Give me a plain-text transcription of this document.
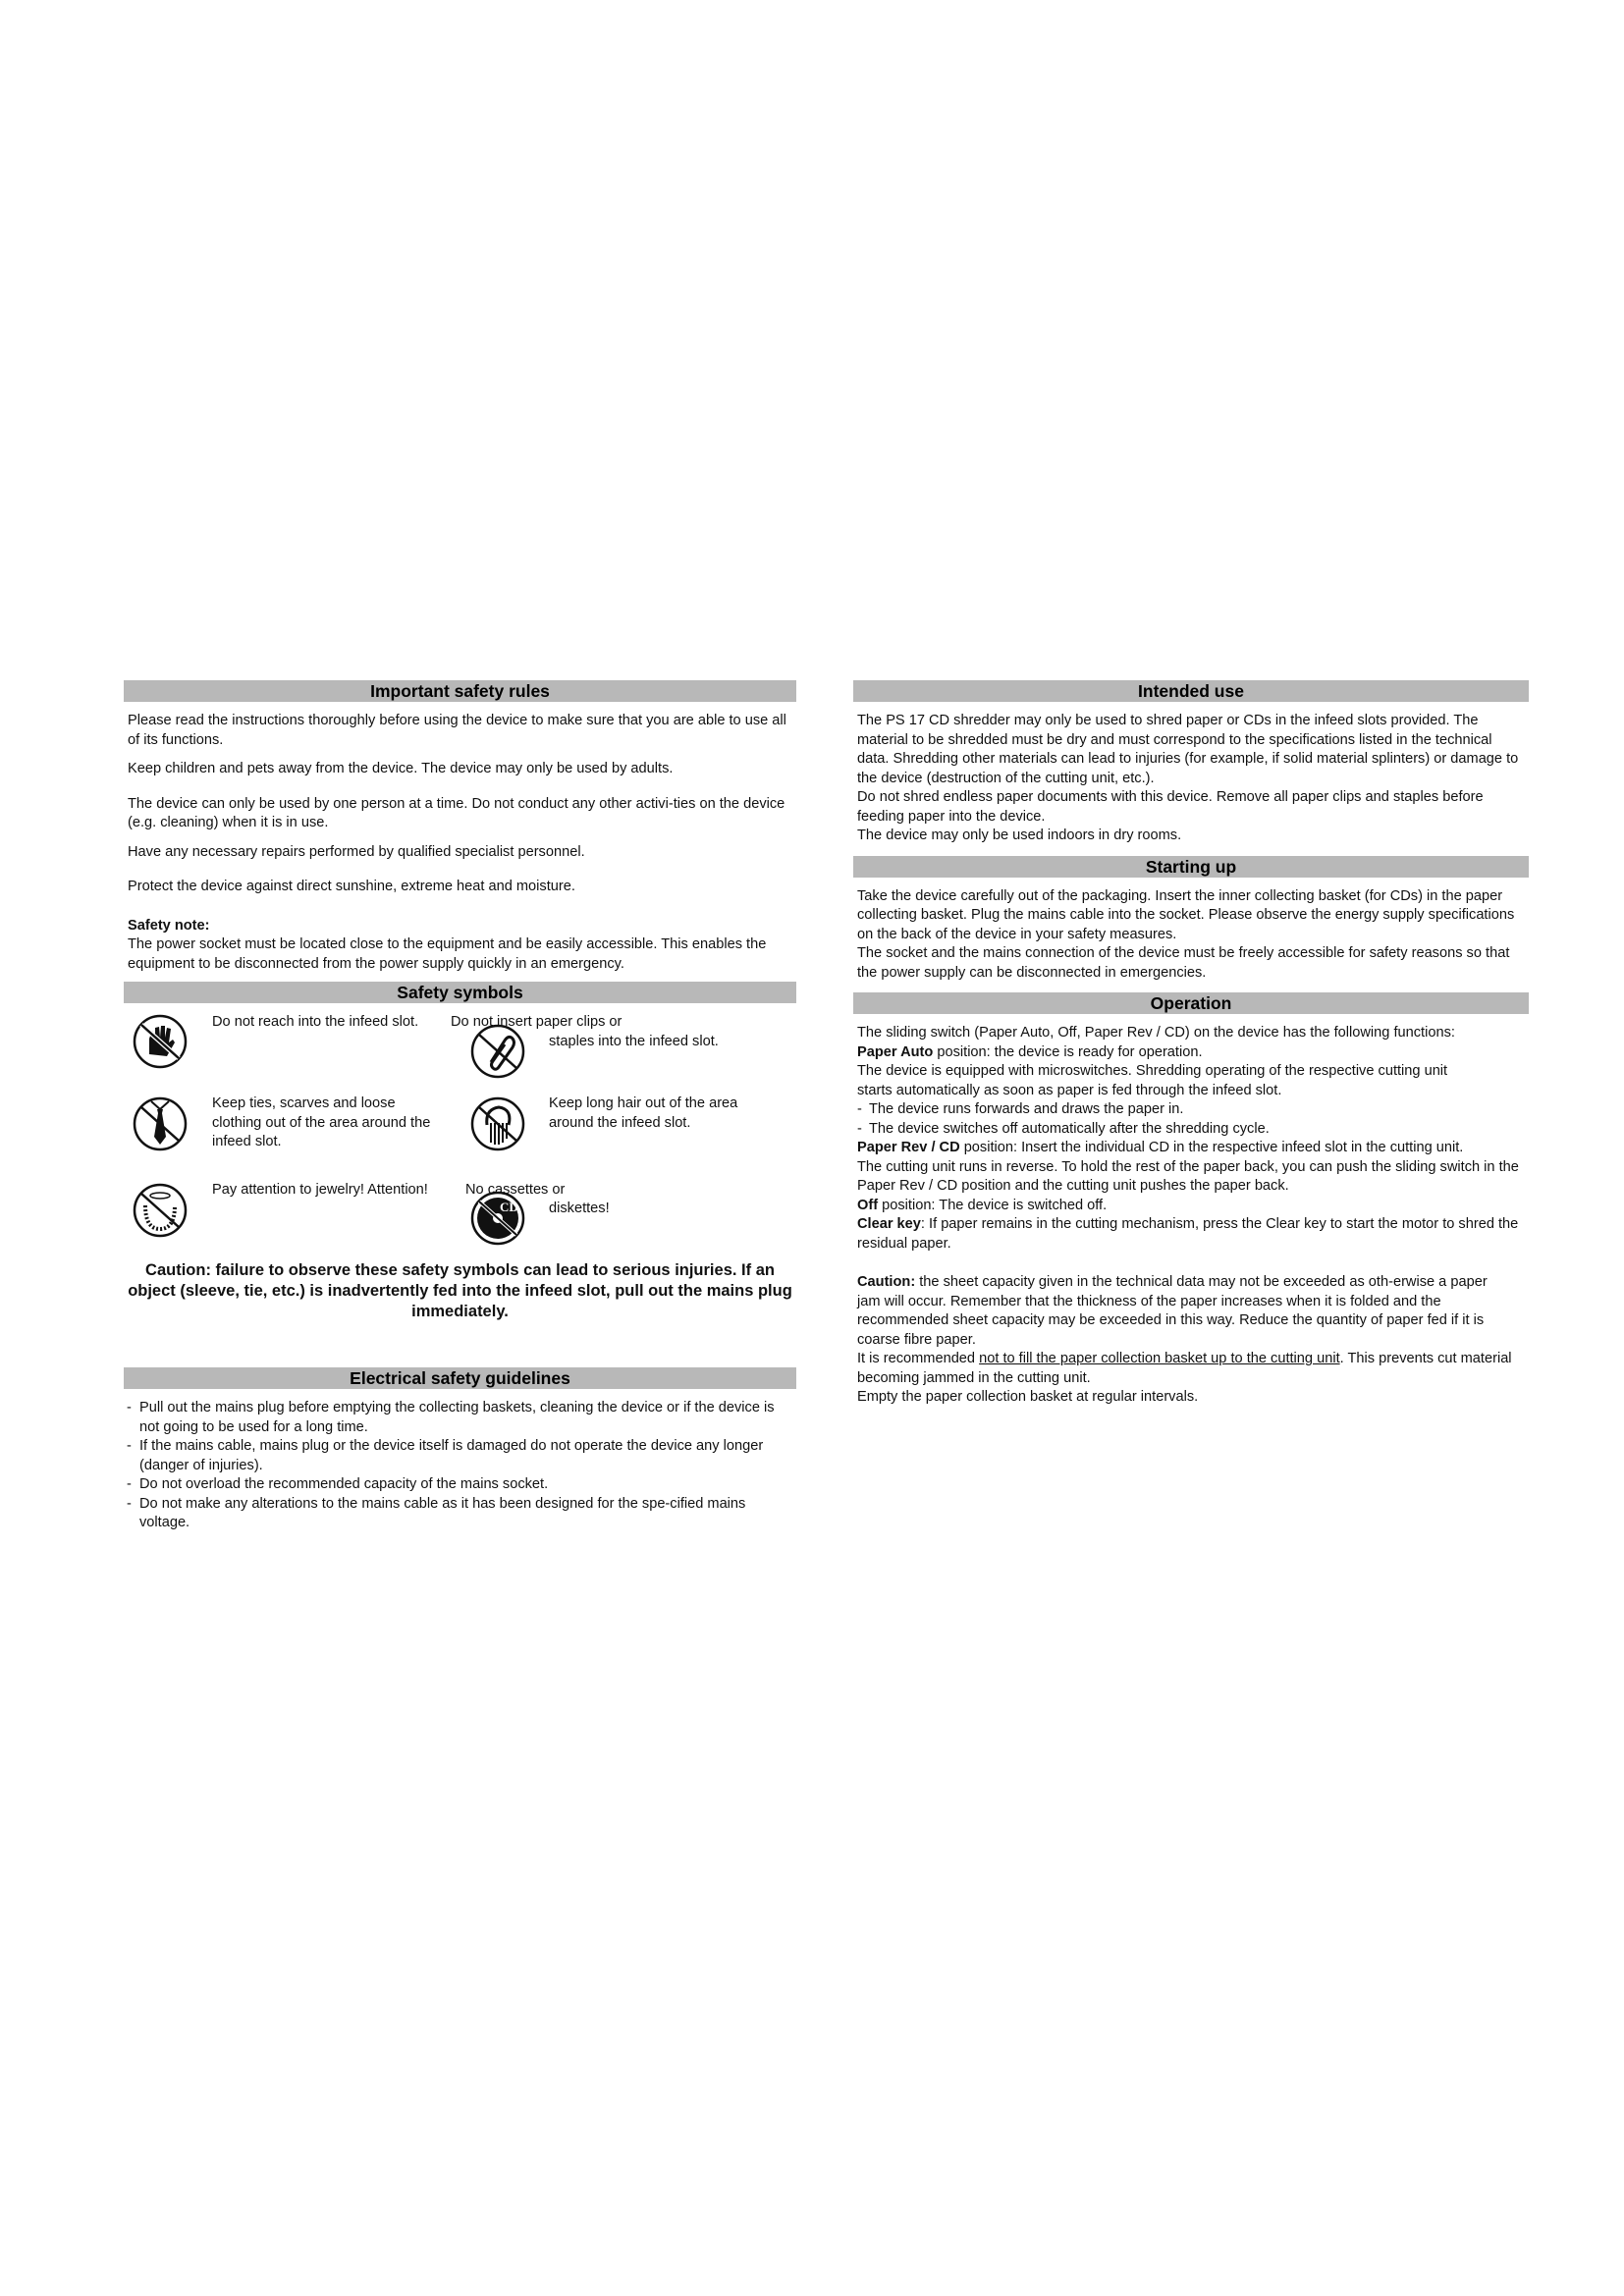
Important safety rules

Please read the instructions thoroughly before using the device to make sure that you are able to use all of its functions.

Keep children and pets away from the device. The device may only be used by adults.

The device can only be used by one person at a time. Do not conduct any other activi-ties on the device (e.g. cleaning) when it is in use.

Have any necessary repairs performed by qualified specialist personnel.

Protect the device against direct sunshine, extreme heat and moisture.

Safety note:

The power socket must be located close to the equipment and be easily accessible. This enables the equipment to be disconnected from the power supply quickly in an emergency.

Safety symbols
Do not reach into the infeed slot. Do not insert paper clips or
staples into the infeed slot.
Keep ties, scarves and loose clothing out of the area around the infeed slot.
Keep long hair out of the area around the infeed slot.
Pay attention to jewelry! Attention!	No cassettes or
CD diskettes!

Caution: failure to observe these safety symbols can lead to serious injuries. If an object (sleeve, tie, etc.) is inadvertently fed into the infeed slot, pull out the mains plug immediately.

Electrical safety guidelines
- Pull out the mains plug before emptying the collecting baskets, cleaning the device or if the device is not going to be used for a long time.
- If the mains cable, mains plug or the device itself is damaged do not operate the device any longer (danger of injuries).
- Do not overload the recommended capacity of the mains socket.
- Do not make any alterations to the mains cable as it has been designed for the spe-cified mains voltage.
Intended use

The PS 17 CD shredder may only be used to shred paper or CDs in the infeed slots provided. The material to be shredded must be dry and must correspond to the specifications listed in the technical data. Shredding other materials can lead to injuries (for example, if solid material splinters) or damage to the device (destruction of the cutting unit, etc.).

Do not shred endless paper documents with this device. Remove all paper clips and staples before feeding paper into the device.

The device may only be used indoors in dry rooms.

Starting up

Take the device carefully out of the packaging. Insert the inner collecting basket (for CDs) in the paper collecting basket. Plug the mains cable into the socket. Please observe the energy supply specifications on the back of the device in your safety measures.

The socket and the mains connection of the device must be freely accessible for safety reasons so that the power supply can be disconnected in emergencies.

Operation

The sliding switch (Paper Auto, Off, Paper Rev / CD) on the device has the following functions:

Paper Auto position: the device is ready for operation.

The device is equipped with microswitches. Shredding operating of the respective cutting unit starts automatically as soon as paper is fed through the infeed slot.

- The device runs forwards and draws the paper in.
- The device switches off automatically after the shredding cycle.

Paper Rev / CD position: Insert the individual CD in the respective infeed slot in the cutting unit.

The cutting unit runs in reverse. To hold the rest of the paper back, you can push the sliding switch in the Paper Rev / CD position and the cutting unit pushes the paper back.

Off position: The device is switched off.

Clear key: If paper remains in the cutting mechanism, press the Clear key to start the motor to shred the residual paper.

Caution: the sheet capacity given in the technical data may not be exceeded as oth-erwise a paper jam will occur. Remember that the thickness of the paper increases when it is folded and the recommended sheet capacity may be exceeded in this way. Reduce the quantity of paper fed if it is coarse fibre paper.

It is recommended not to fill the paper collection basket up to the cutting unit. This prevents cut material becoming jammed in the cutting unit.

Empty the paper collection basket at regular intervals.
